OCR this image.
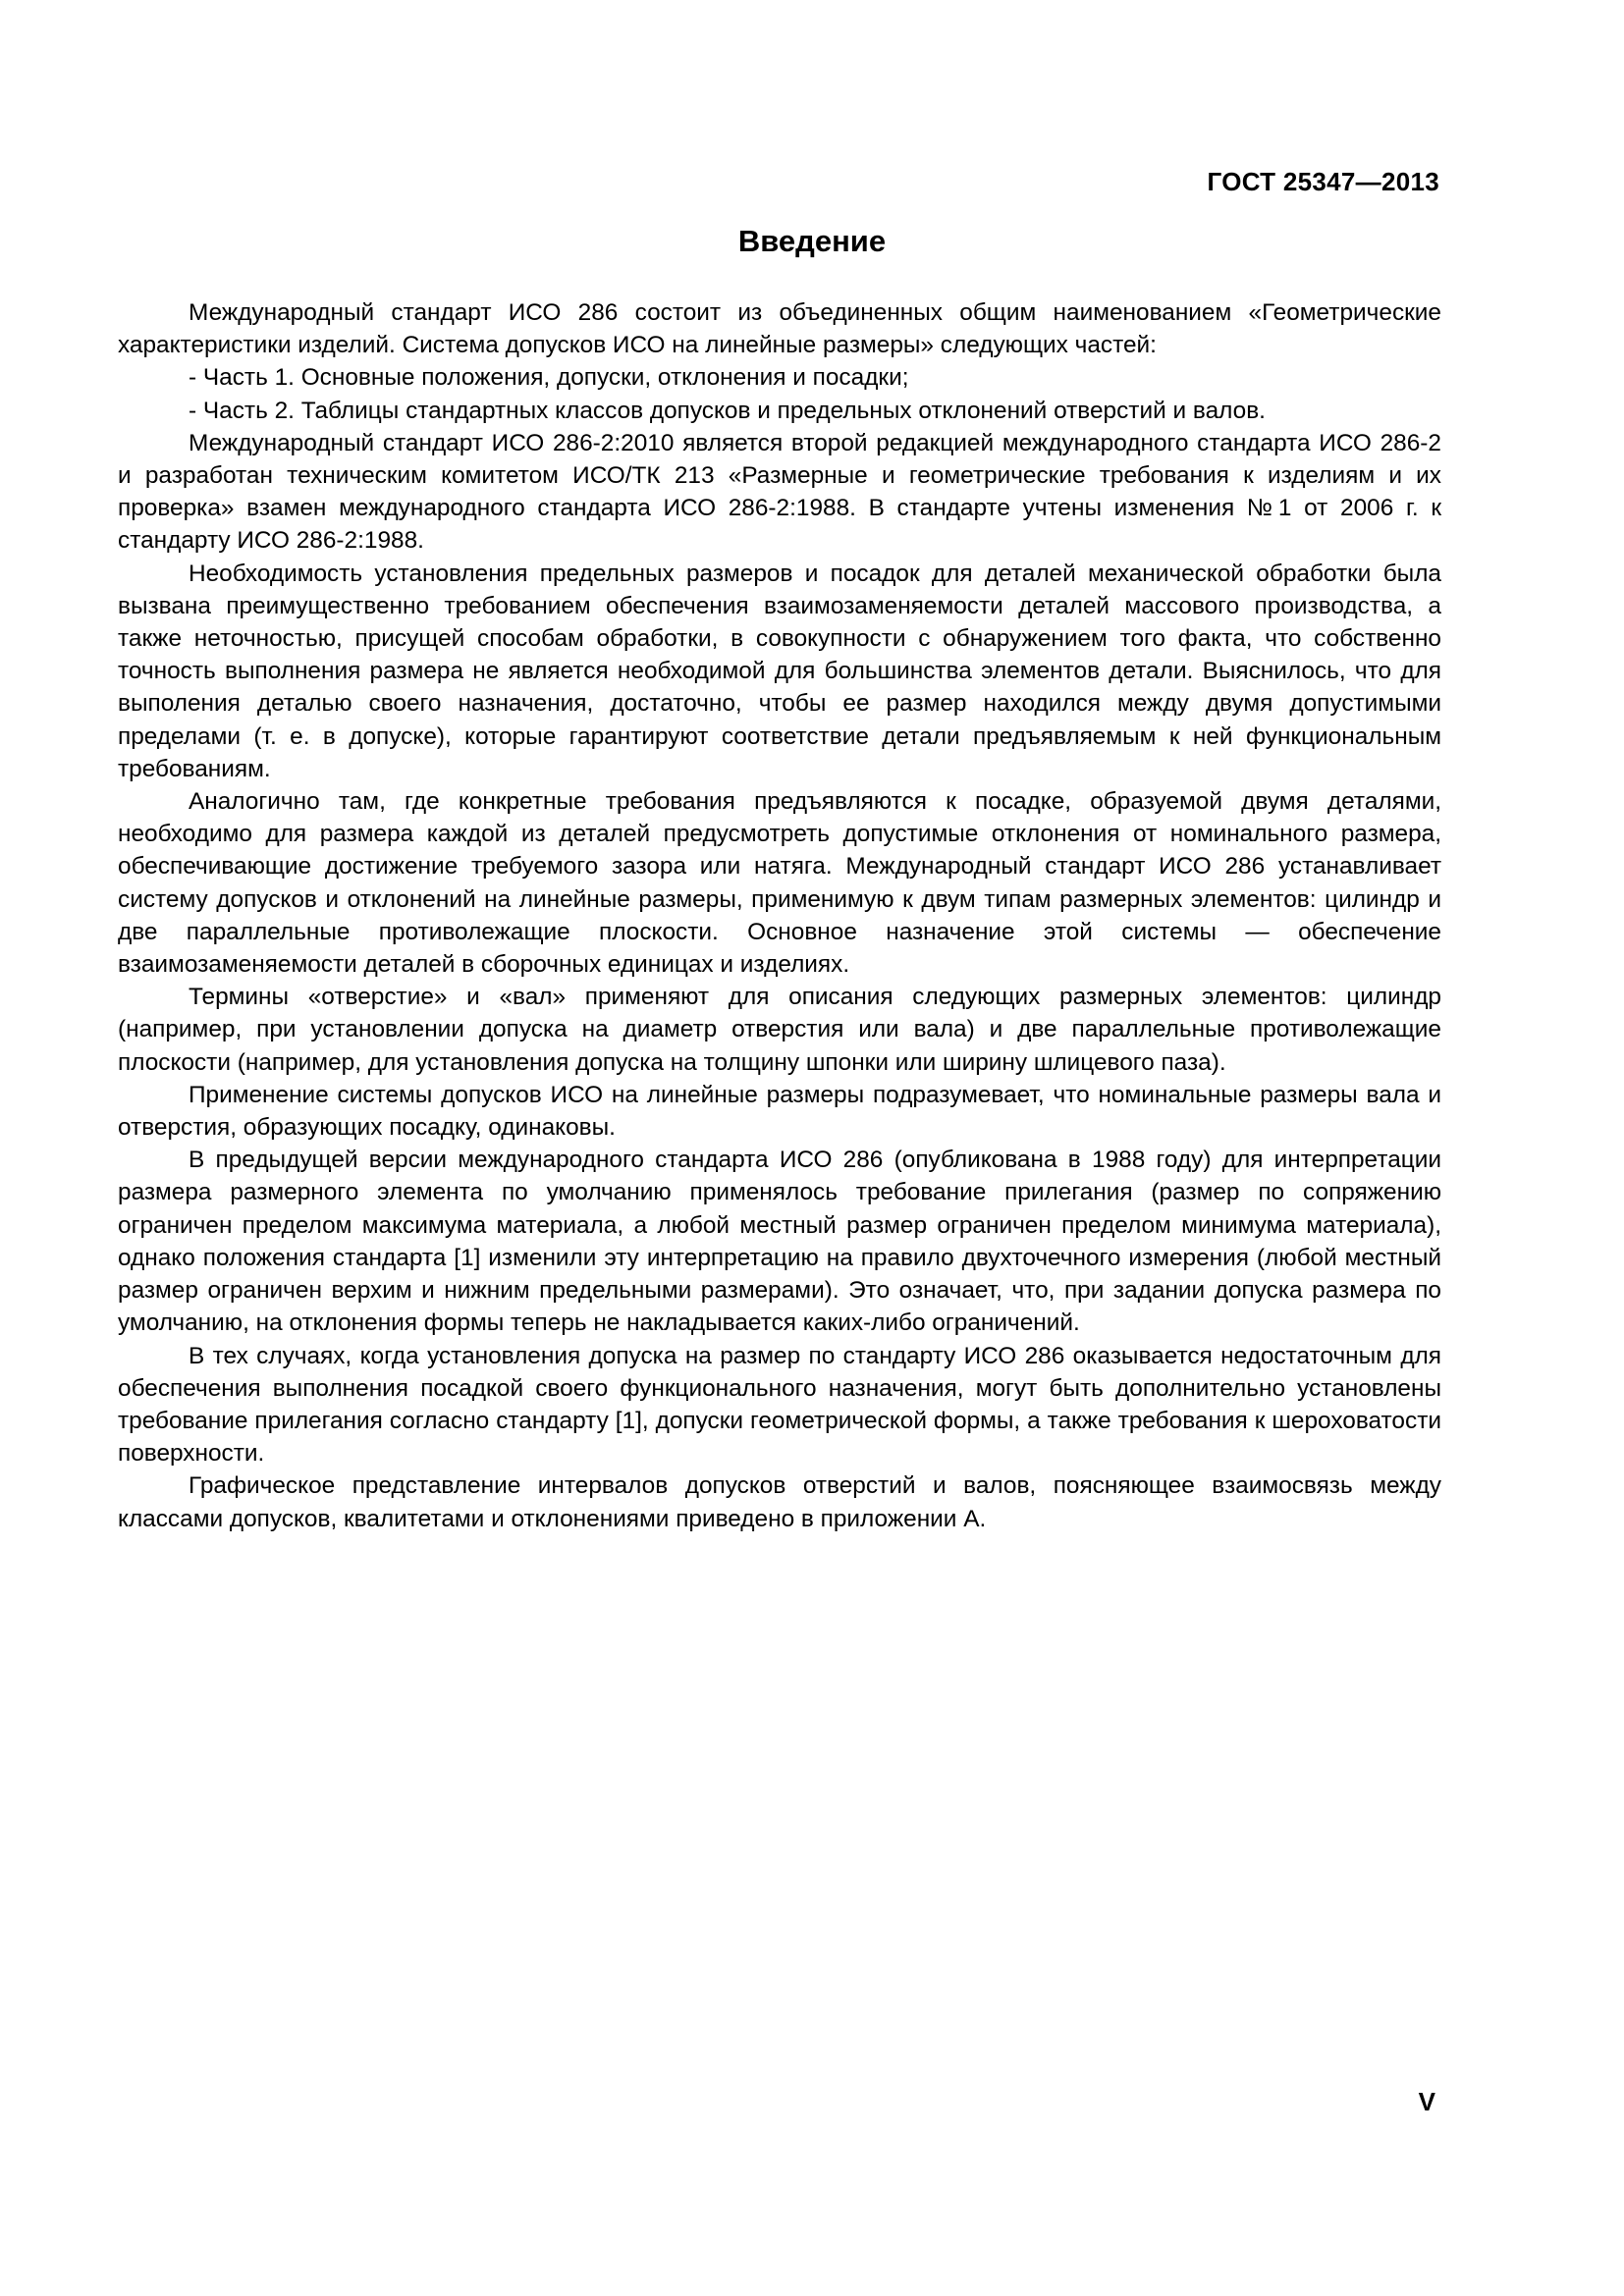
ГОСТ 25347—2013
Введение

Международный стандарт ИСО 286 состоит из объединенных общим наименованием «Геометрические характеристики изделий. Система допусков ИСО на линейные размеры» следующих частей:

- Часть 1. Основные положения, допуски, отклонения и посадки;

- Часть 2. Таблицы стандартных классов допусков и предельных отклонений отверстий и валов.

Международный стандарт ИСО 286-2:2010 является второй редакцией международного стандарта ИСО 286-2 и разработан техническим комитетом ИСО/ТК 213 «Размерные и геометрические требования к изделиям и их проверка» взамен международного стандарта ИСО 286-2:1988. В стандарте учтены изменения №1 от 2006 г. к стандарту ИСО 286-2:1988.

Необходимость установления предельных размеров и посадок для деталей механической обработки была вызвана преимущественно требованием обеспечения взаимозаменяемости деталей массового производства, а также неточностью, присущей способам обработки, в совокупности с обнаружением того факта, что собственно точность выполнения размера не является необходимой для большинства элементов детали. Выяснилось, что для выполения деталью своего назначения, достаточно, чтобы ее размер находился между двумя допустимыми пределами (т. е. в допуске), которые гарантируют соответствие детали предъявляемым к ней функциональным требованиям.

Аналогично там, где конкретные требования предъявляются к посадке, образуемой двумя деталями, необходимо для размера каждой из деталей предусмотреть допустимые отклонения от номинального размера, обеспечивающие достижение требуемого зазора или натяга. Международный стандарт ИСО 286 устанавливает систему допусков и отклонений на линейные размеры, применимую к двум типам размерных элементов: цилиндр и две параллельные противолежащие плоскости. Основное назначение этой системы — обеспечение взаимозаменяемости деталей в сборочных единицах и изделиях.

Термины «отверстие» и «вал» применяют для описания следующих размерных элементов: цилиндр (например, при установлении допуска на диаметр отверстия или вала) и две параллельные противолежащие плоскости (например, для установления допуска на толщину шпонки или ширину шлицевого паза).

Применение системы допусков ИСО на линейные размеры подразумевает, что номинальные размеры вала и отверстия, образующих посадку, одинаковы.

В предыдущей версии международного стандарта ИСО 286 (опубликована в 1988 году) для интерпретации размера размерного элемента по умолчанию применялось требование прилегания (размер по сопряжению ограничен пределом максимума материала, а любой местный размер ограничен пределом минимума материала), однако положения стандарта [1] изменили эту интерпретацию на правило двухточечного измерения (любой местный размер ограничен верхим и нижним предельными размерами). Это означает, что, при задании допуска размера по умолчанию, на отклонения формы теперь не накладывается каких-либо ограничений.

В тех случаях, когда установления допуска на размер по стандарту ИСО 286 оказывается недостаточным для обеспечения выполнения посадкой своего функционального назначения, могут быть дополнительно установлены требование прилегания согласно стандарту [1], допуски геометрической формы, а также требования к шероховатости поверхности.

Графическое представление интервалов допусков отверстий и валов, поясняющее взаимосвязь между классами допусков, квалитетами и отклонениями приведено в приложении А.

V
